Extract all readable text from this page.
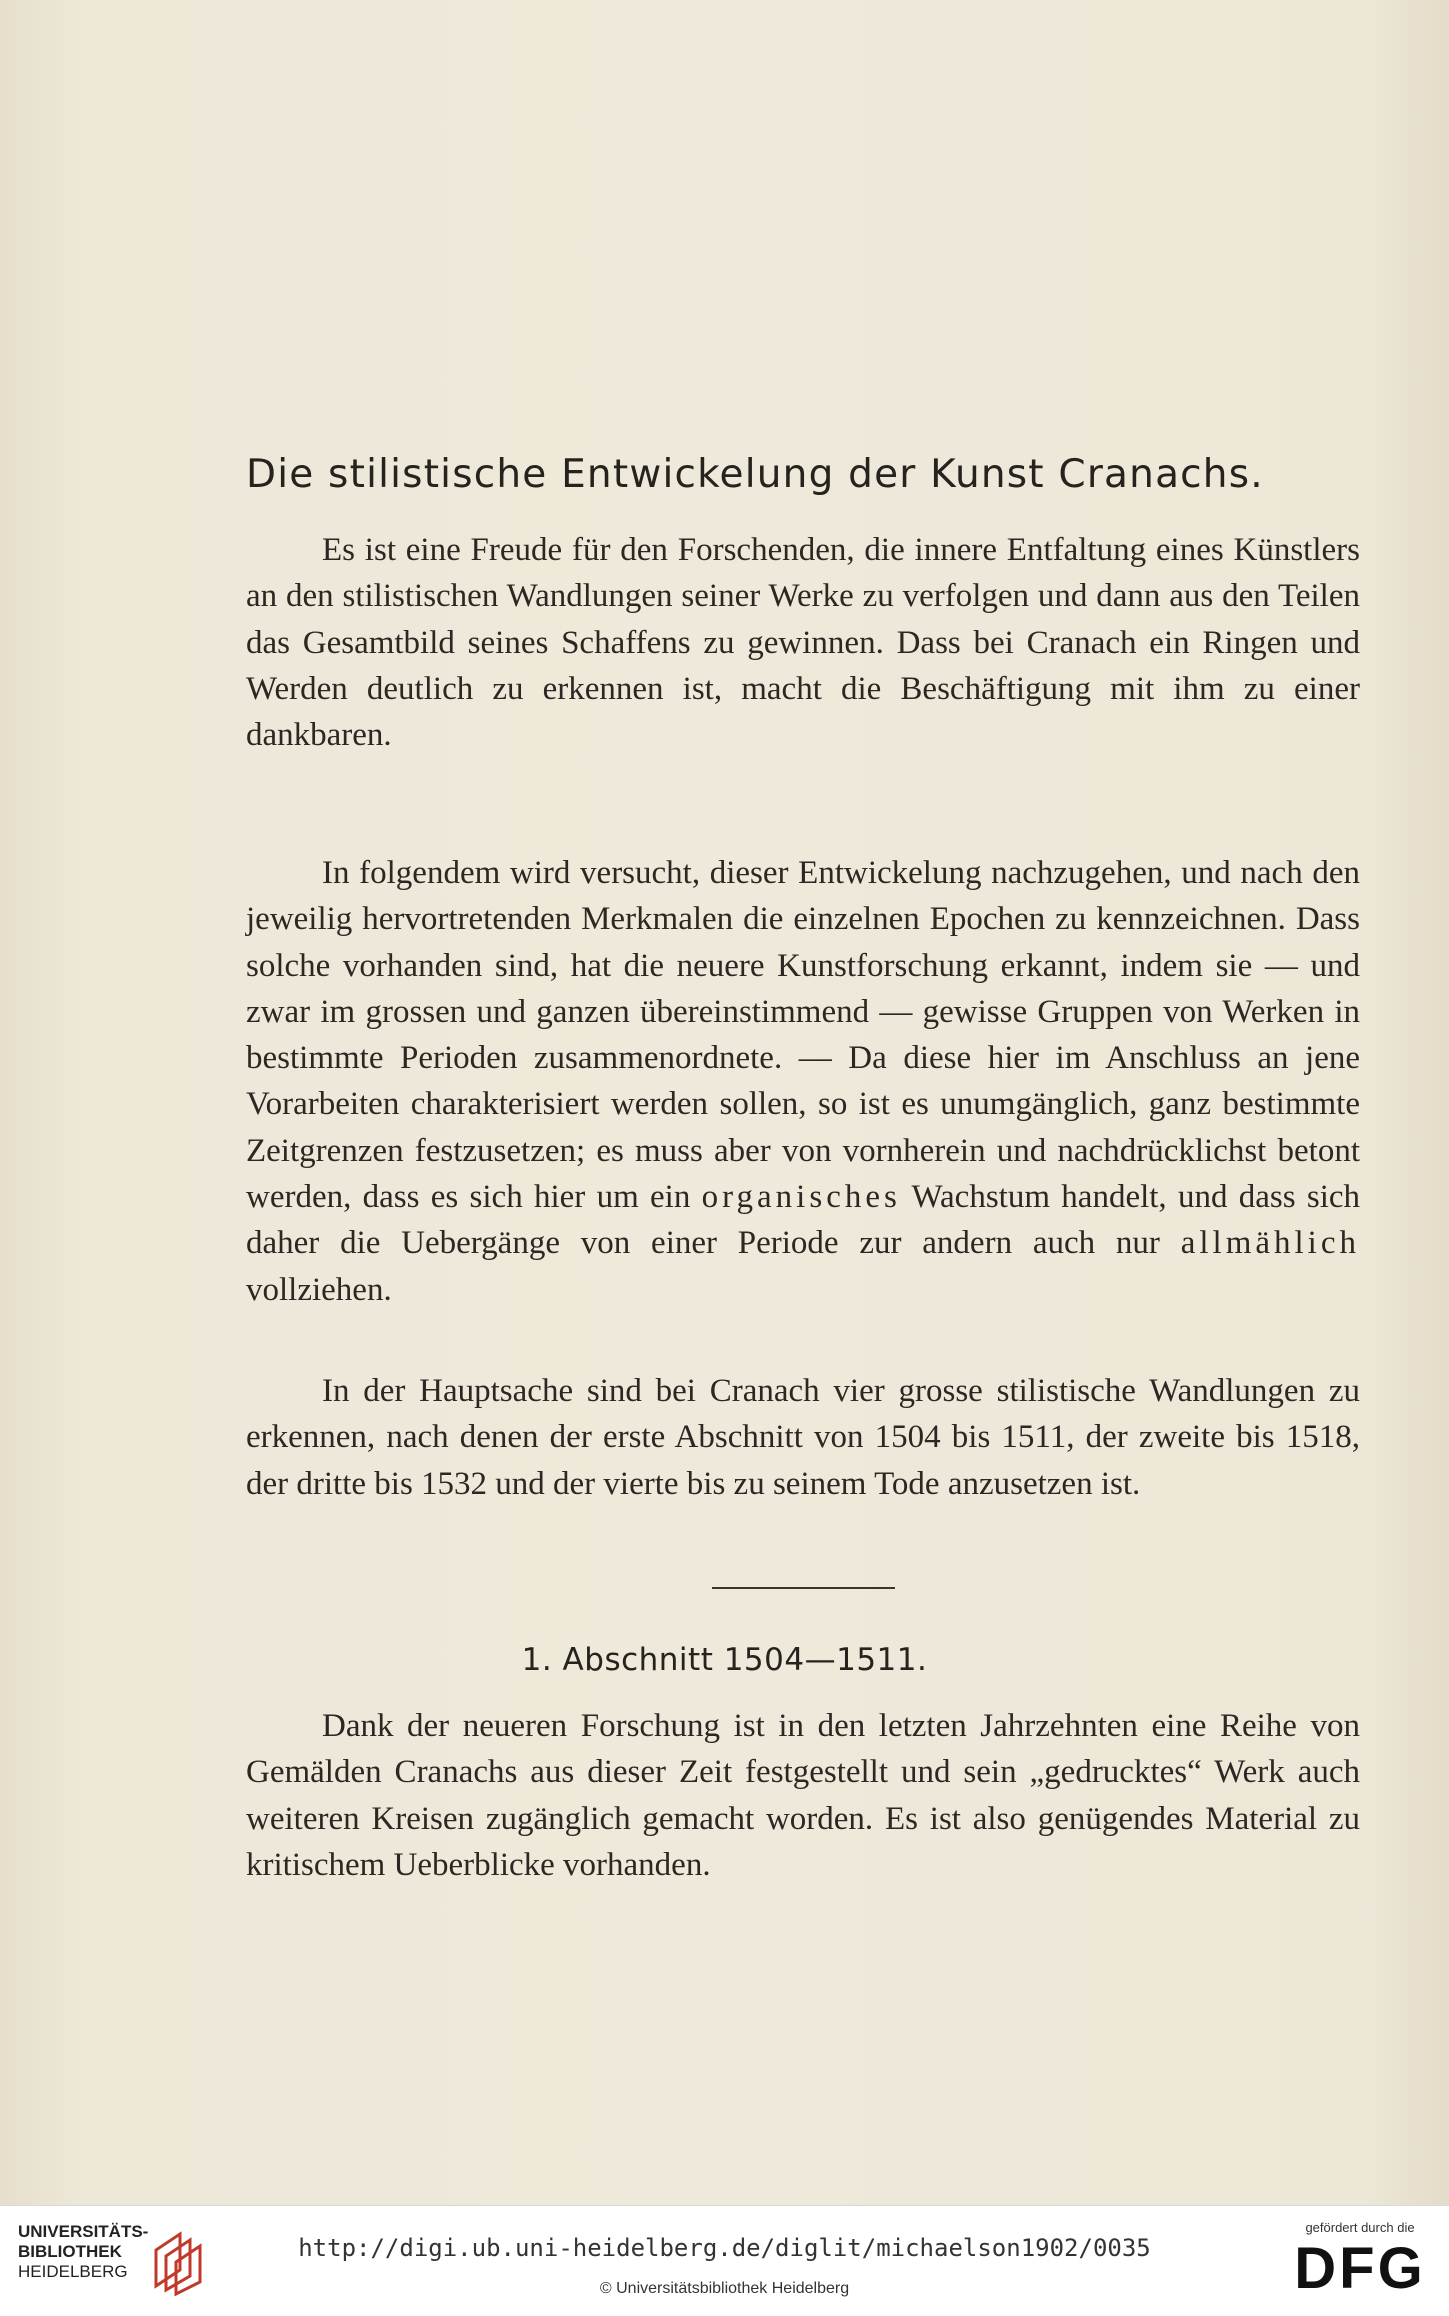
Die stilistische Entwickelung der Kunst Cranachs.

Es ist eine Freude für den Forschenden, die innere Entfaltung eines Künstlers an den stilistischen Wandlungen seiner Werke zu verfolgen und dann aus den Teilen das Gesamtbild seines Schaffens zu gewinnen. Dass bei Cranach ein Ringen und Werden deutlich zu erkennen ist, macht die Beschäftigung mit ihm zu einer dankbaren.

In folgendem wird versucht, dieser Entwickelung nachzugehen, und nach den jeweilig hervortretenden Merkmalen die einzelnen Epochen zu kennzeichnen. Dass solche vorhanden sind, hat die neuere Kunstforschung erkannt, indem sie — und zwar im grossen und ganzen übereinstimmend — gewisse Gruppen von Werken in bestimmte Perioden zusammenordnete. — Da diese hier im Anschluss an jene Vorarbeiten charakterisiert werden sollen, so ist es unumgänglich, ganz bestimmte Zeitgrenzen festzusetzen; es muss aber von vornherein und nachdrücklichst betont werden, dass es sich hier um ein organisches Wachstum handelt, und dass sich daher die Uebergänge von einer Periode zur andern auch nur allmählich vollziehen.

In der Hauptsache sind bei Cranach vier grosse stilistische Wandlungen zu erkennen, nach denen der erste Abschnitt von 1504 bis 1511, der zweite bis 1518, der dritte bis 1532 und der vierte bis zu seinem Tode anzusetzen ist.

1. Abschnitt 1504—1511.

Dank der neueren Forschung ist in den letzten Jahrzehnten eine Reihe von Gemälden Cranachs aus dieser Zeit festgestellt und sein „gedrucktes“ Werk auch weiteren Kreisen zugänglich gemacht worden. Es ist also genügendes Material zu kritischem Ueberblicke vorhanden.

UNIVERSITÄTS-
BIBLIOTHEK
HEIDELBERG
http://digi.ub.uni-heidelberg.de/diglit/michaelson1902/0035
© Universitätsbibliothek Heidelberg
gefördert durch die
DFG
